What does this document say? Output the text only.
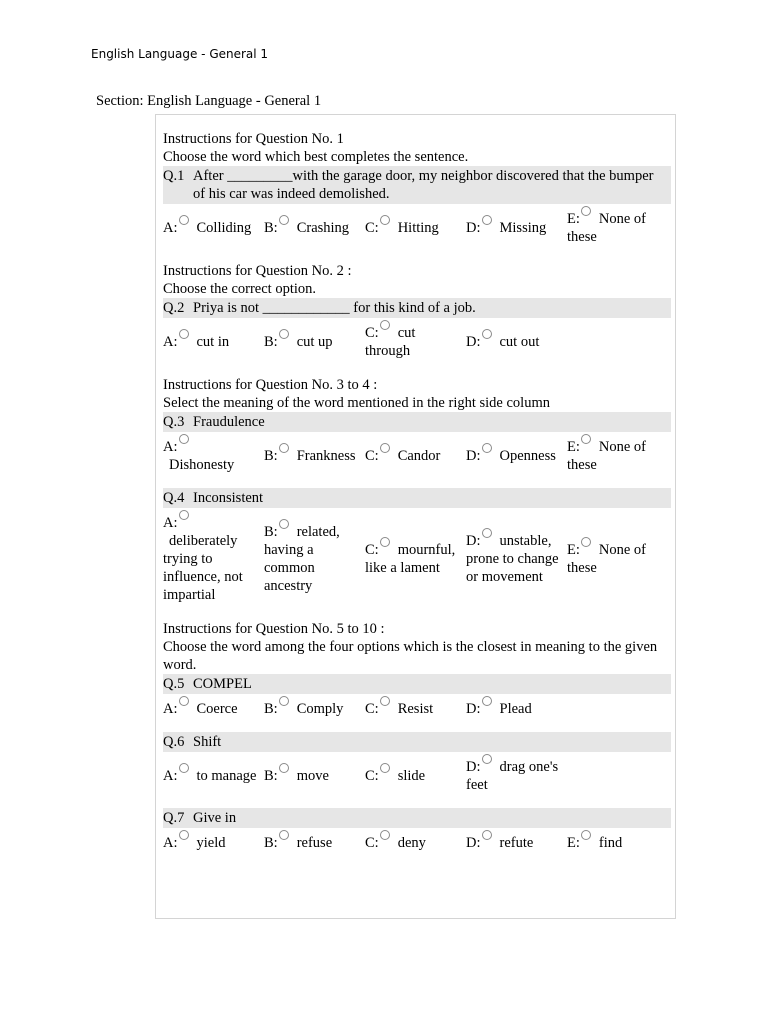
English Language - General 1
Section: English Language - General 1
Instructions for Question No. 1
Choose the word which best completes the sentence.
Q.1 After _________with the garage door, my neighbor discovered that the bumper of his car was indeed demolished.
A: Colliding B: Crashing	C: Hitting	D: Missing
E: None of these
Instructions for Question No. 2 :
Choose the correct option.
Q.2 Priya is not ____________ for this kind of a job.
A: cut in	B: cut up
C: cut through
D: cut out
Instructions for Question No. 3 to 4 :
Select the meaning of the word mentioned in the right side column
Q.3 Fraudulence
A:Dishonesty
B: Frankness C: Candor	D: Openness
E: None of these
Q.4 Inconsistent
A:deliberately trying to influence, not impartial
B: related, having a common ancestry
C: mournful, like a lament
D: unstable, prone to change or movement
E: None of these
Instructions for Question No. 5 to 10 :
Choose the word among the four options which is the closest in meaning to the given word.
Q.5 COMPEL
A: Coerce	B: Comply	C: Resist	D: Plead
Q.6 Shift
A: to manage B: move	C: slide
D: drag one's feet
Q.7 Give in
A: yield	B: refuse	C: deny	D: refute	E: find
